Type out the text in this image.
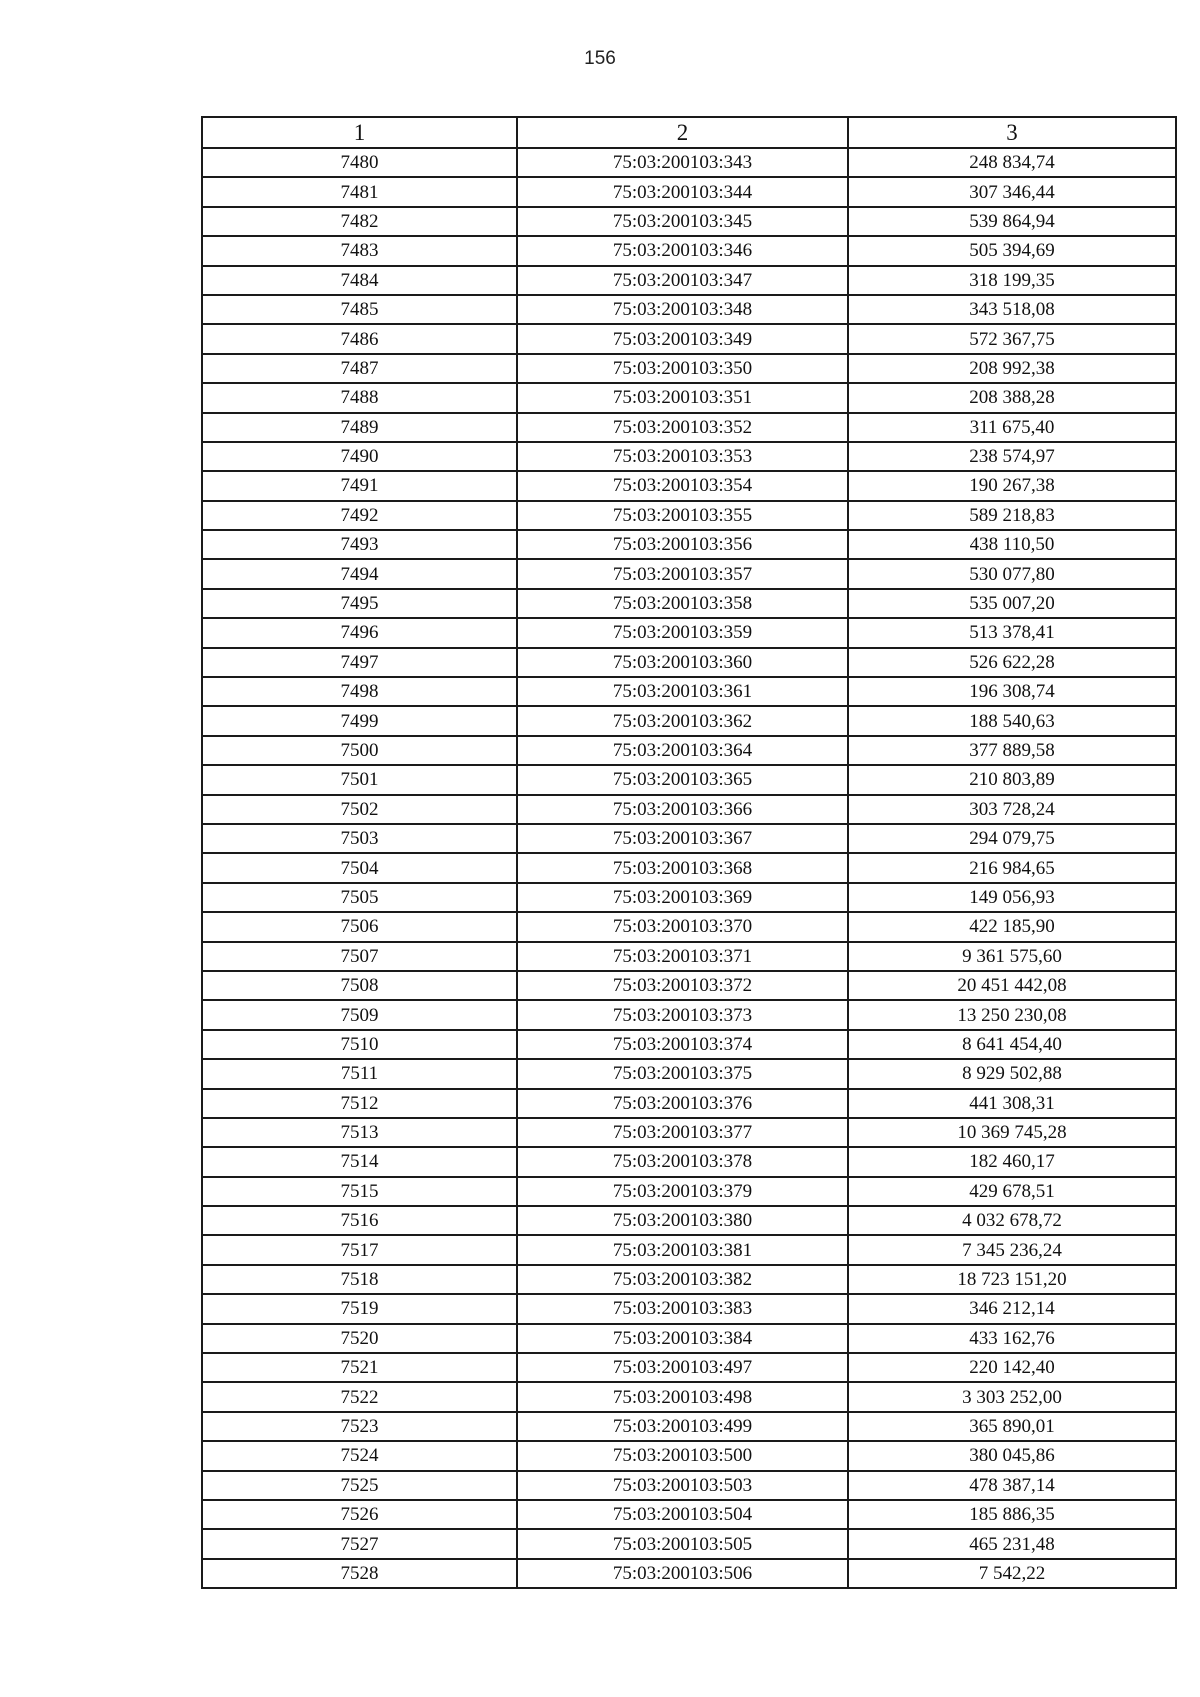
156
1	2	3
7480	75:03:200103:343	248 834,74
7481	75:03:200103:344	307 346,44
7482	75:03:200103:345	539 864,94
7483	75:03:200103:346	505 394,69
7484	75:03:200103:347	318 199,35
7485	75:03:200103:348	343 518,08
7486	75:03:200103:349	572 367,75
7487	75:03:200103:350	208 992,38
7488	75:03:200103:351	208 388,28
7489	75:03:200103:352	311 675,40
7490	75:03:200103:353	238 574,97
7491	75:03:200103:354	190 267,38
7492	75:03:200103:355	589 218,83
7493	75:03:200103:356	438 110,50
7494	75:03:200103:357	530 077,80
7495	75:03:200103:358	535 007,20
7496	75:03:200103:359	513 378,41
7497	75:03:200103:360	526 622,28
7498	75:03:200103:361	196 308,74
7499	75:03:200103:362	188 540,63
7500	75:03:200103:364	377 889,58
7501	75:03:200103:365	210 803,89
7502	75:03:200103:366	303 728,24
7503	75:03:200103:367	294 079,75
7504	75:03:200103:368	216 984,65
7505	75:03:200103:369	149 056,93
7506	75:03:200103:370	422 185,90
7507	75:03:200103:371	9 361 575,60
7508	75:03:200103:372	20 451 442,08
7509	75:03:200103:373	13 250 230,08
7510	75:03:200103:374	8 641 454,40
7511	75:03:200103:375	8 929 502,88
7512	75:03:200103:376	441 308,31
7513	75:03:200103:377	10 369 745,28
7514	75:03:200103:378	182 460,17
7515	75:03:200103:379	429 678,51
7516	75:03:200103:380	4 032 678,72
7517	75:03:200103:381	7 345 236,24
7518	75:03:200103:382	18 723 151,20
7519	75:03:200103:383	346 212,14
7520	75:03:200103:384	433 162,76
7521	75:03:200103:497	220 142,40
7522	75:03:200103:498	3 303 252,00
7523	75:03:200103:499	365 890,01
7524	75:03:200103:500	380 045,86
7525	75:03:200103:503	478 387,14
7526	75:03:200103:504	185 886,35
7527	75:03:200103:505	465 231,48
7528	75:03:200103:506	7 542,22
